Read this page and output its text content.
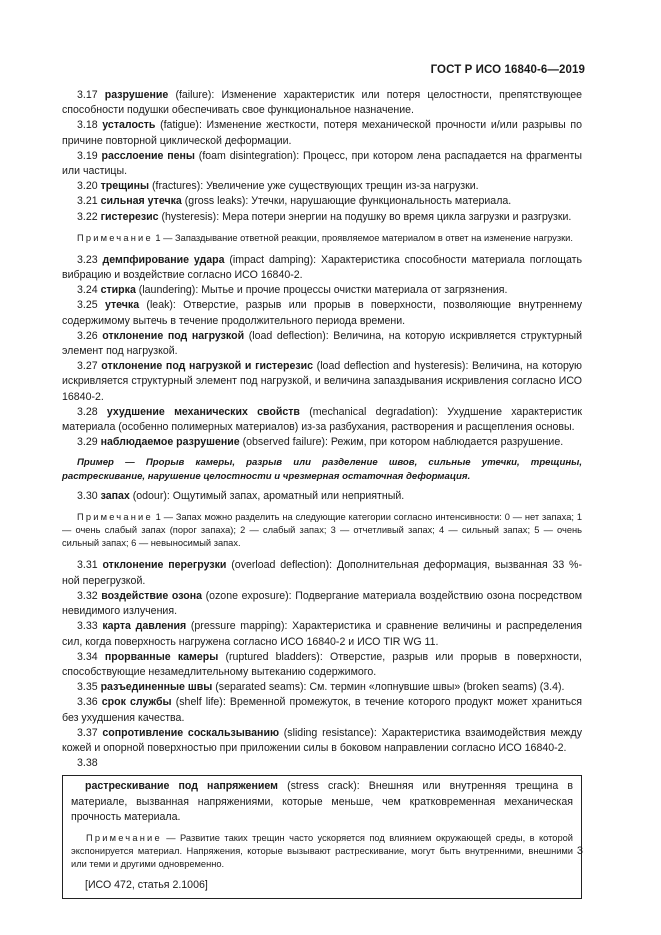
ГОСТ Р ИСО 16840-6—2019

3.17 разрушение (failure): Изменение характеристик или потеря целостности, препятствующее способности подушки обеспечивать свое функциональное назначение.

3.18 усталость (fatigue): Изменение жесткости, потеря механической прочности и/или разрывы по причине повторной циклической деформации.

3.19 расслоение пены (foam disintegration): Процесс, при котором лена распадается на фрагменты или частицы.

3.20 трещины (fractures): Увеличение уже существующих трещин из-за нагрузки.

3.21 сильная утечка (gross leaks): Утечки, нарушающие функциональность материала.

3.22 гистерезис (hysteresis): Мера потери энергии на подушку во время цикла загрузки и разгрузки.

Примечание 1 — Запаздывание ответной реакции, проявляемое материалом в ответ на изменение нагрузки.

3.23 демпфирование удара (impact damping): Характеристика способности материала поглощать вибрацию и воздействие согласно ИСО 16840-2.

3.24 стирка (laundering): Мытье и прочие процессы очистки материала от загрязнения.

3.25 утечка (leak): Отверстие, разрыв или прорыв в поверхности, позволяющие внутреннему содержимому вытечь в течение продолжительного периода времени.

3.26 отклонение под нагрузкой (load deflection): Величина, на которую искривляется структурный элемент под нагрузкой.

3.27 отклонение под нагрузкой и гистерезис (load deflection and hysteresis): Величина, на которую искривляется структурный элемент под нагрузкой, и величина запаздывания искривления согласно ИСО 16840-2.

3.28 ухудшение механических свойств (mechanical degradation): Ухудшение характеристик материала (особенно полимерных материалов) из-за разбухания, растворения и расщепления основы.

3.29 наблюдаемое разрушение (observed failure): Режим, при котором наблюдается разрушение.

Пример — Прорыв камеры, разрыв или разделение швов, сильные утечки, трещины, растрескивание, нарушение целостности и чрезмерная остаточная деформация.

3.30 запах (odour): Ощутимый запах, ароматный или неприятный.

Примечание 1 — Запах можно разделить на следующие категории согласно интенсивности: 0 — нет запаха; 1 — очень слабый запах (порог запаха); 2 — слабый запах; 3 — отчетливый запах; 4 — сильный запах; 5 — очень сильный запах; 6 — невыносимый запах.

3.31 отклонение перегрузки (overload deflection): Дополнительная деформация, вызванная 33 %-ной перегрузкой.

3.32 воздействие озона (ozone exposure): Подвергание материала воздействию озона посредством невидимого излучения.

3.33 карта давления (pressure mapping): Характеристика и сравнение величины и распределения сил, когда поверхность нагружена согласно ИСО 16840-2 и ИСО TIR WG 11.

3.34 прорванные камеры (ruptured bladders): Отверстие, разрыв или прорыв в поверхности, способствующие незамедлительному вытеканию содержимого.

3.35 разъединенные швы (separated seams): См. термин «лопнувшие швы» (broken seams) (3.4).

3.36 срок службы (shelf life): Временной промежуток, в течение которого продукт может храниться без ухудшения качества.

3.37 сопротивление соскальзыванию (sliding resistance): Характеристика взаимодействия между кожей и опорной поверхностью при приложении силы в боковом направлении согласно ИСО 16840-2.

3.38

растрескивание под напряжением (stress crack): Внешняя или внутренняя трещина в материале, вызванная напряжениями, которые меньше, чем кратковременная механическая прочность материала.

Примечание — Развитие таких трещин часто ускоряется под влиянием окружающей среды, в которой экспонируется материал. Напряжения, которые вызывают растрескивание, могут быть внутренними, внешними или теми и другими одновременно.

[ИСО 472, статья 2.1006]

3
